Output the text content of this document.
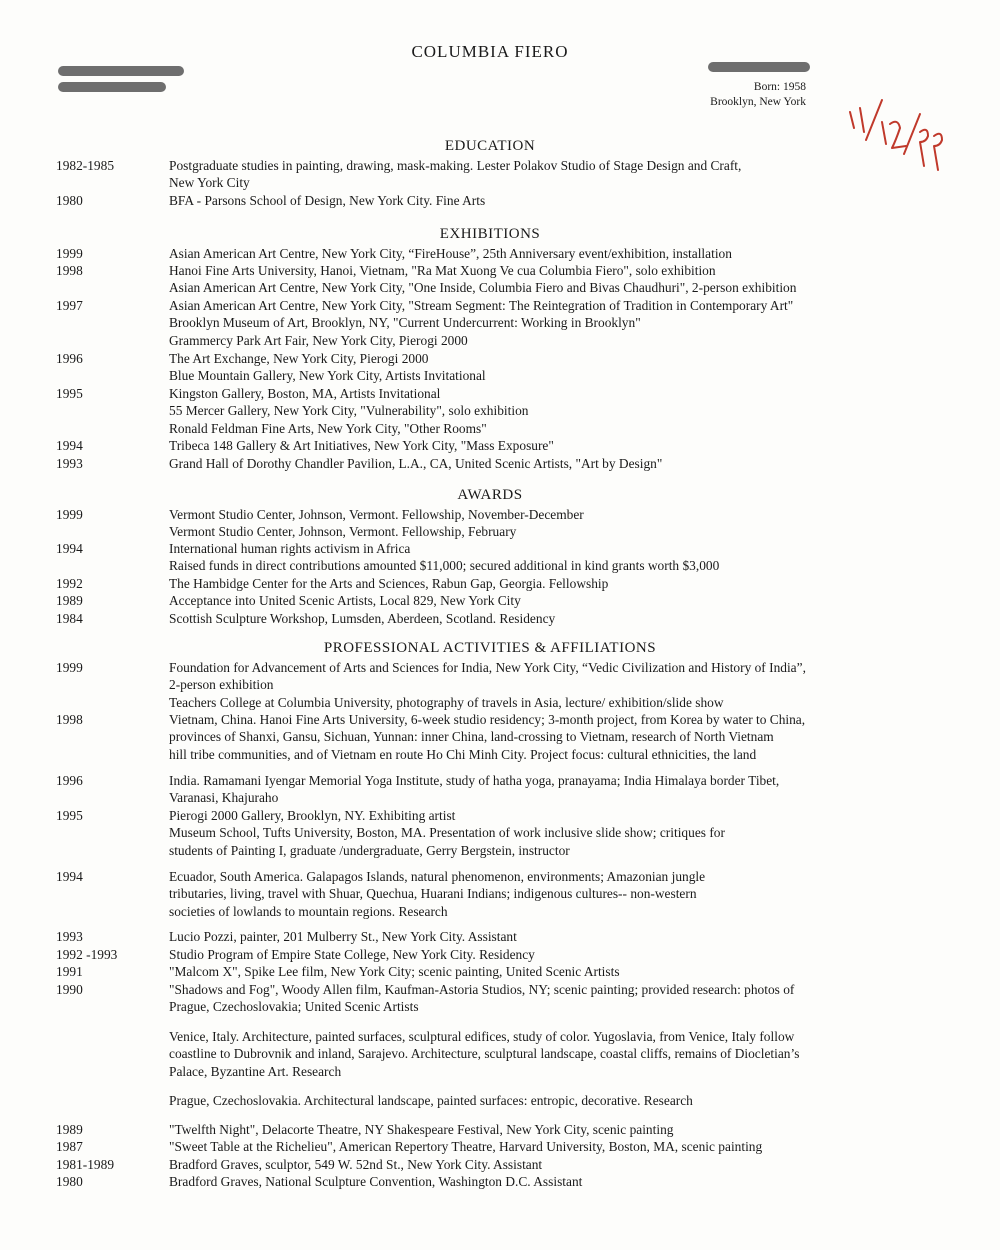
COLUMBIA FIERO
Born: 1958
Brooklyn, New York
EDUCATION
EXHIBITIONS
AWARDS
PROFESSIONAL ACTIVITIES & AFFILIATIONS
1982-1985	Postgraduate studies in painting, drawing, mask-making. Lester Polakov Studio of Stage Design and Craft,
New York City
1980	BFA - Parsons School of Design, New York City. Fine Arts
1999	Asian American Art Centre, New York City, “FireHouse”, 25th Anniversary event/exhibition, installation
1998	Hanoi Fine Arts University, Hanoi, Vietnam, "Ra Mat Xuong Ve cua Columbia Fiero", solo exhibition
Asian American Art Centre, New York City, "One Inside, Columbia Fiero and Bivas Chaudhuri", 2-person exhibition
1997	Asian American Art Centre, New York City, "Stream Segment: The Reintegration of Tradition in Contemporary Art"
Brooklyn Museum of Art, Brooklyn, NY, "Current Undercurrent: Working in Brooklyn"
Grammercy Park Art Fair, New York City, Pierogi 2000
1996	The Art Exchange, New York City, Pierogi 2000
Blue Mountain Gallery, New York City, Artists Invitational
1995	Kingston Gallery, Boston, MA, Artists Invitational
55 Mercer Gallery, New York City, "Vulnerability", solo exhibition
Ronald Feldman Fine Arts, New York City, "Other Rooms"
1994	Tribeca 148 Gallery & Art Initiatives, New York City, "Mass Exposure"
1993	Grand Hall of Dorothy Chandler Pavilion, L.A., CA, United Scenic Artists, "Art by Design"
1999	Vermont Studio Center, Johnson, Vermont. Fellowship, November-December
Vermont Studio Center, Johnson, Vermont. Fellowship, February
1994	International human rights activism in Africa
Raised funds in direct contributions amounted $11,000; secured additional in kind grants worth $3,000
1992	The Hambidge Center for the Arts and Sciences, Rabun Gap, Georgia. Fellowship
1989	Acceptance into United Scenic Artists, Local 829, New York City
1984	Scottish Sculpture Workshop, Lumsden, Aberdeen, Scotland. Residency
1999	Foundation for Advancement of Arts and Sciences for India, New York City, “Vedic Civilization and History of India”,
2-person exhibition
Teachers College at Columbia University, photography of travels in Asia, lecture/ exhibition/slide show
1998	Vietnam, China. Hanoi Fine Arts University, 6-week studio residency; 3-month project, from Korea by water to China,
provinces of Shanxi, Gansu, Sichuan, Yunnan: inner China, land-crossing to Vietnam, research of North Vietnam
hill tribe communities, and of Vietnam en route Ho Chi Minh City. Project focus: cultural ethnicities, the land
1996	India. Ramamani Iyengar Memorial Yoga Institute, study of hatha yoga, pranayama; India Himalaya border Tibet,
Varanasi, Khajuraho
1995	Pierogi 2000 Gallery, Brooklyn, NY. Exhibiting artist
Museum School, Tufts University, Boston, MA. Presentation of work inclusive slide show; critiques for
students of Painting I, graduate /undergraduate, Gerry Bergstein, instructor
1994	Ecuador, South America. Galapagos Islands, natural phenomenon, environments; Amazonian jungle
tributaries, living, travel with Shuar, Quechua, Huarani Indians; indigenous cultures-- non-western
societies of lowlands to mountain regions. Research
1993	Lucio Pozzi, painter, 201 Mulberry St., New York City. Assistant
1992 -1993	Studio Program of Empire State College, New York City. Residency
1991	"Malcom X", Spike Lee film, New York City; scenic painting, United Scenic Artists
1990	"Shadows and Fog", Woody Allen film, Kaufman-Astoria Studios, NY; scenic painting; provided research: photos of
Prague, Czechoslovakia; United Scenic Artists
Venice, Italy. Architecture, painted surfaces, sculptural edifices, study of color. Yugoslavia, from Venice, Italy follow
coastline to Dubrovnik and inland, Sarajevo. Architecture, sculptural landscape, coastal cliffs, remains of Diocletian’s
Palace, Byzantine Art. Research
Prague, Czechoslovakia. Architectural landscape, painted surfaces: entropic, decorative. Research
1989	"Twelfth Night", Delacorte Theatre, NY Shakespeare Festival, New York City, scenic painting
1987	"Sweet Table at the Richelieu", American Repertory Theatre, Harvard University, Boston, MA, scenic painting
1981-1989	Bradford Graves, sculptor, 549 W. 52nd St., New York City. Assistant
1980	Bradford Graves, National Sculpture Convention, Washington D.C. Assistant
